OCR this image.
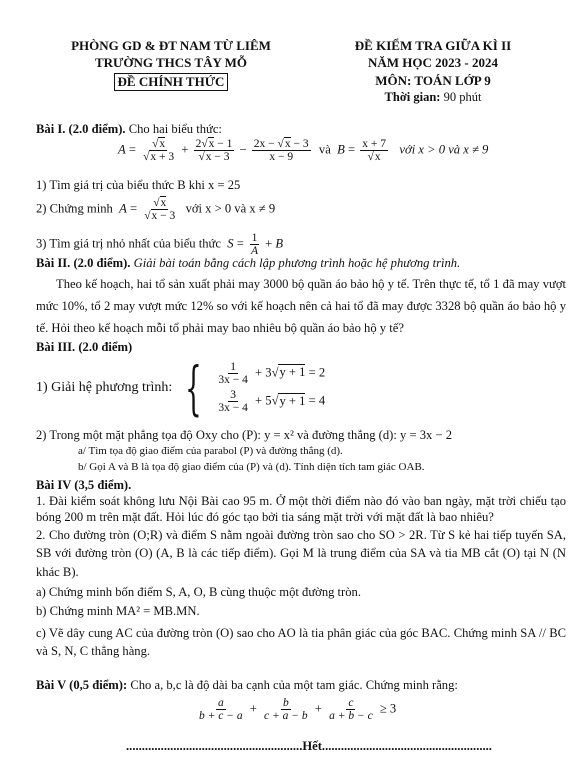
PHÒNG GD & ĐT NAM TỪ LIÊM
TRƯỜNG THCS TÂY MỖ
ĐỀ CHÍNH THỨC
ĐỀ KIỂM TRA GIỮA KÌ II
NĂM HỌC 2023 - 2024
MÔN: TOÁN LỚP 9
Thời gian: 90 phút
Bài I. (2.0 điểm). Cho hai biểu thức:
$A = \frac{√x}{√x + 3} + \frac{2√x - 1}{√x - 3} - \frac{2x - √x - 3}{x - 9}$ và  $B = \frac{x + 7}{√x}$ với x > 0 và x ≠ 9
1) Tìm giá trị của biểu thức B khi x = 25
2) Chứng minh $A = \frac{√x}{√x - 3}$ với x > 0 và x ≠ 9
3) Tìm giá trị nhỏ nhất của biểu thức $S = \frac{1}{A} + B$
Bài II. (2.0 điểm). Giải bài toán bằng cách lập phương trình hoặc hệ phương trình.
Theo kế hoạch, hai tổ sản xuất phải may 3000 bộ quần áo bảo hộ y tế. Trên thực tế, tổ 1 đã may vượt mức 10%, tổ 2 may vượt mức 12% so với kế hoạch nên cả hai tổ đã may được 3328 bộ quần áo bảo hộ y tế. Hỏi theo kế hoạch mỗi tổ phải may bao nhiêu bộ quần áo bảo hộ y tế?
Bài III. (2.0 điểm)
1) Giải hệ phương trình: { $\frac{1}{3x - 4} + 3√y + 1 = 2$
$\frac{3}{3x - 4} + 5√y + 1 = 4$
2) Trong một mặt phẳng tọa độ Oxy cho (P): y = x² và đường thẳng (d): y = 3x − 2
a/ Tìm tọa độ giao điểm của parabol (P) và đường thẳng (d).
b/ Gọi A và B là tọa độ giao điểm của (P) và (d). Tính diện tích tam giác OAB.
Bài IV (3,5 điểm).
1. Đài kiểm soát không lưu Nội Bài cao 95 m. Ở một thời điểm nào đó vào ban ngày, mặt trời chiếu tạo bóng 200 m trên mặt đất. Hỏi lúc đó góc tạo bởi tia sáng mặt trời với mặt đất là bao nhiêu?
2. Cho đường tròn (O;R) và điểm S nằm ngoài đường tròn sao cho SO > 2R. Từ S kẻ hai tiếp tuyến SA, SB với đường tròn (O) (A, B là các tiếp điểm). Gọi M là trung điểm của SA và tia MB cắt (O) tại N (N khác B).
a) Chứng minh bốn điểm S, A, O, B cùng thuộc một đường tròn.
b) Chứng minh MA² = MB.MN.
c) Vẽ dây cung AC của đường tròn (O) sao cho AO là tia phân giác của góc BAC. Chứng minh SA // BC và S, N, C thẳng hàng.
Bài V (0,5 điểm): Cho a, b,c là độ dài ba cạnh của một tam giác. Chứng minh rằng:
$\frac{a}{b + c - a} + \frac{b}{c + a - b} + \frac{c}{a + b - c} \ge 3$
........................................................Hết......................................................
